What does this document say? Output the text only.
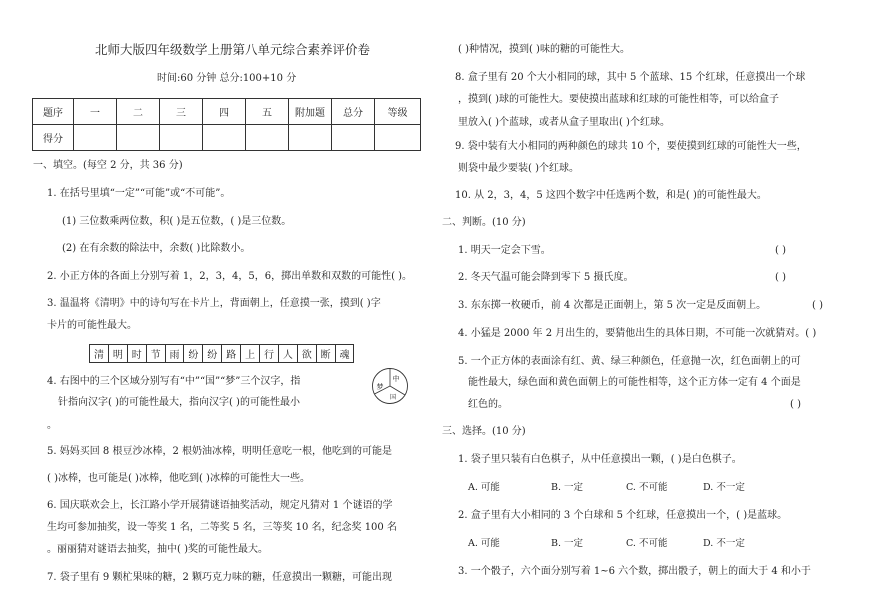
北师大版四年级数学上册第八单元综合素养评价卷
时间:60 分钟 总分:100+10 分
题序	一	二	三	四	五	附加题	总分	等级
得分								
一、填空。(每空 2 分，共 36 分)
1. 在括号里填“一定”“可能”或“不可能”。
(1) 三位数乘两位数，积( )是五位数，( )是三位数。
(2) 在有余数的除法中，余数( )比除数小。
2. 小正方体的各面上分别写着 1，2，3，4，5，6，掷出单数和双数的可能性( )。
3. 温温将《清明》中的诗句写在卡片上，背面朝上，任意摸一张，摸到( )字
卡片的可能性最大。
清	明	时	节	雨	纷	纷	路	上	行	人	欲	断	魂
中
梦
国
4. 右图中的三个区域分别写有“中”“国”“梦”三个汉字，指
针指向汉字( )的可能性最大，指向汉字( )的可能性最小
。
5. 妈妈买回 8 根豆沙冰棒，2 根奶油冰棒，明明任意吃一根，他吃到的可能是
( )冰棒，也可能是( )冰棒，他吃到( )冰棒的可能性大一些。
6. 国庆联欢会上，长江路小学开展猜谜语抽奖活动，规定凡猜对 1 个谜语的学
生均可参加抽奖，设一等奖 1 名，二等奖 5 名，三等奖 10 名，纪念奖 100 名
。丽丽猜对谜语去抽奖，抽中( )奖的可能性最大。
7. 袋子里有 9 颗杧果味的糖，2 颗巧克力味的糖，任意摸出一颗糖，可能出现
( )种情况，摸到( )味的糖的可能性大。
8. 盒子里有 20 个大小相同的球，其中 5 个蓝球、15 个红球，任意摸出一个球
，摸到( )球的可能性大。要使摸出蓝球和红球的可能性相等，可以给盒子
里放入( )个蓝球，或者从盒子里取出( )个红球。
9. 袋中装有大小相同的两种颜色的球共 10 个，要使摸到红球的可能性大一些，
则袋中最少要装( )个红球。
10. 从 2，3，4，5 这四个数字中任选两个数，和是( )的可能性最大。
二、判断。(10 分)
1. 明天一定会下雪。	( )
2. 冬天气温可能会降到零下 5 摄氏度。	( )
3. 东东掷一枚硬币，前 4 次都是正面朝上，第 5 次一定是反面朝上。	( )
4. 小猛是 2000 年 2 月出生的，要猜他出生的具体日期，不可能一次就猜对。( )
5. 一个正方体的表面涂有红、黄、绿三种颜色，任意抛一次，红色面朝上的可
能性最大，绿色面和黄色面朝上的可能性相等，这个正方体一定有 4 个面是
红色的。	( )
三、选择。(10 分)
1. 袋子里只装有白色棋子，从中任意摸出一颗，( )是白色棋子。
A. 可能	B. 一定	C. 不可能	D. 不一定
2. 盒子里有大小相同的 3 个白球和 5 个红球，任意摸出一个，( )是蓝球。
A. 可能	B. 一定	C. 不可能	D. 不一定
3. 一个骰子，六个面分别写着 1~6 六个数，掷出骰子，朝上的面大于 4 和小于
